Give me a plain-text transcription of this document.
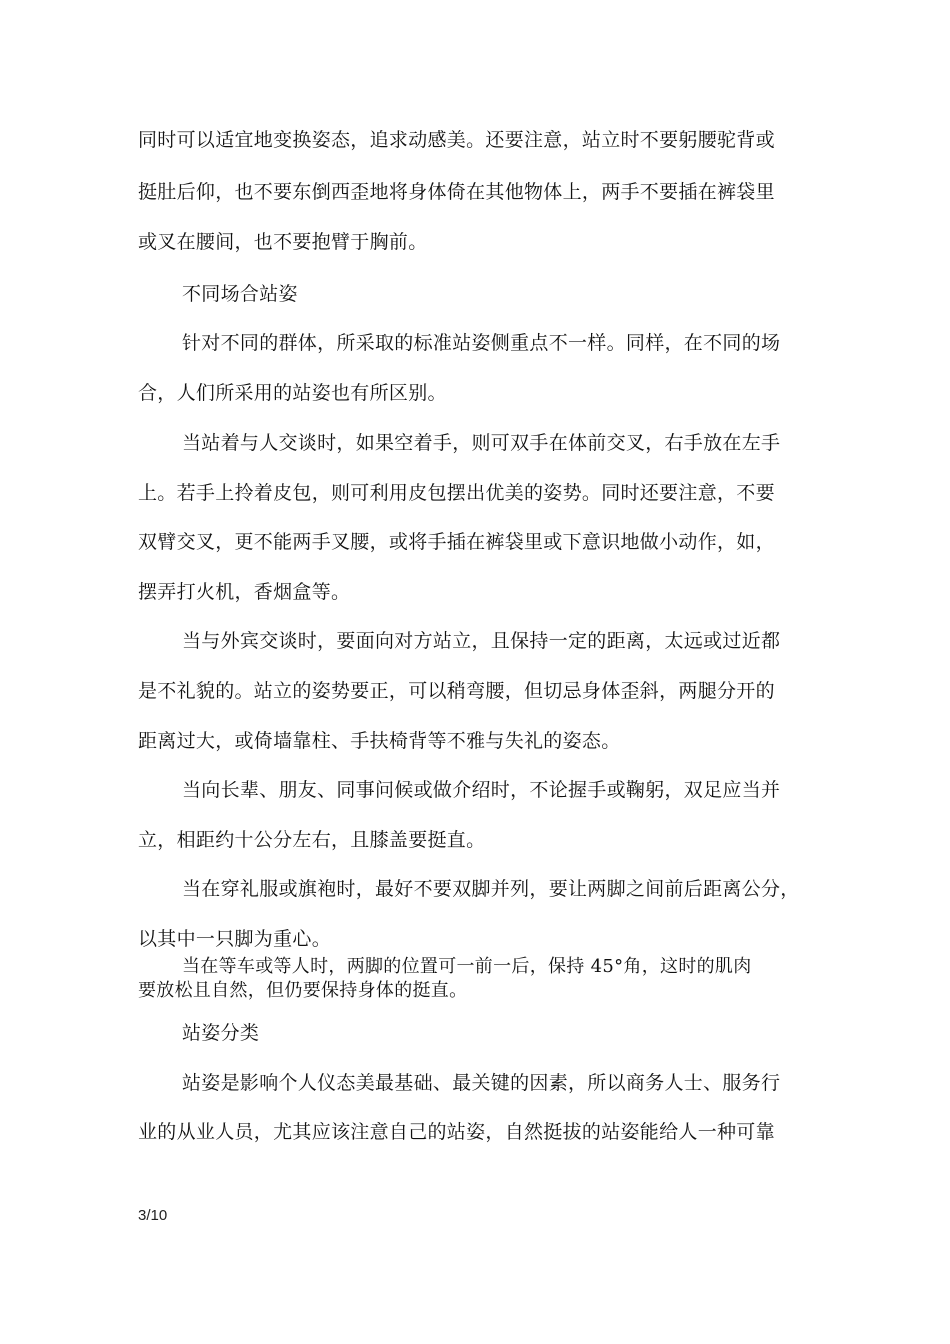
同时可以适宜地变换姿态，追求动感美。还要注意，站立时不要躬腰驼背或
挺肚后仰，也不要东倒西歪地将身体倚在其他物体上，两手不要插在裤袋里
或叉在腰间，也不要抱臂于胸前。
不同场合站姿
针对不同的群体，所采取的标准站姿侧重点不一样。同样，在不同的场
合，人们所采用的站姿也有所区别。
当站着与人交谈时，如果空着手，则可双手在体前交叉，右手放在左手
上。若手上拎着皮包，则可利用皮包摆出优美的姿势。同时还要注意，不要
双臂交叉，更不能两手叉腰，或将手插在裤袋里或下意识地做小动作，如，
摆弄打火机，香烟盒等。
当与外宾交谈时，要面向对方站立，且保持一定的距离，太远或过近都
是不礼貌的。站立的姿势要正，可以稍弯腰，但切忌身体歪斜，两腿分开的
距离过大，或倚墙靠柱、手扶椅背等不雅与失礼的姿态。
当向长辈、朋友、同事问候或做介绍时，不论握手或鞠躬，双足应当并
立，相距约十公分左右，且膝盖要挺直。
当在穿礼服或旗袍时，最好不要双脚并列，要让两脚之间前后距离公分，
以其中一只脚为重心。
当在等车或等人时，两脚的位置可一前一后，保持 45°角，这时的肌肉
要放松且自然，但仍要保持身体的挺直。
站姿分类
站姿是影响个人仪态美最基础、最关键的因素，所以商务人士、服务行
业的从业人员，尤其应该注意自己的站姿，自然挺拔的站姿能给人一种可靠
3/10
